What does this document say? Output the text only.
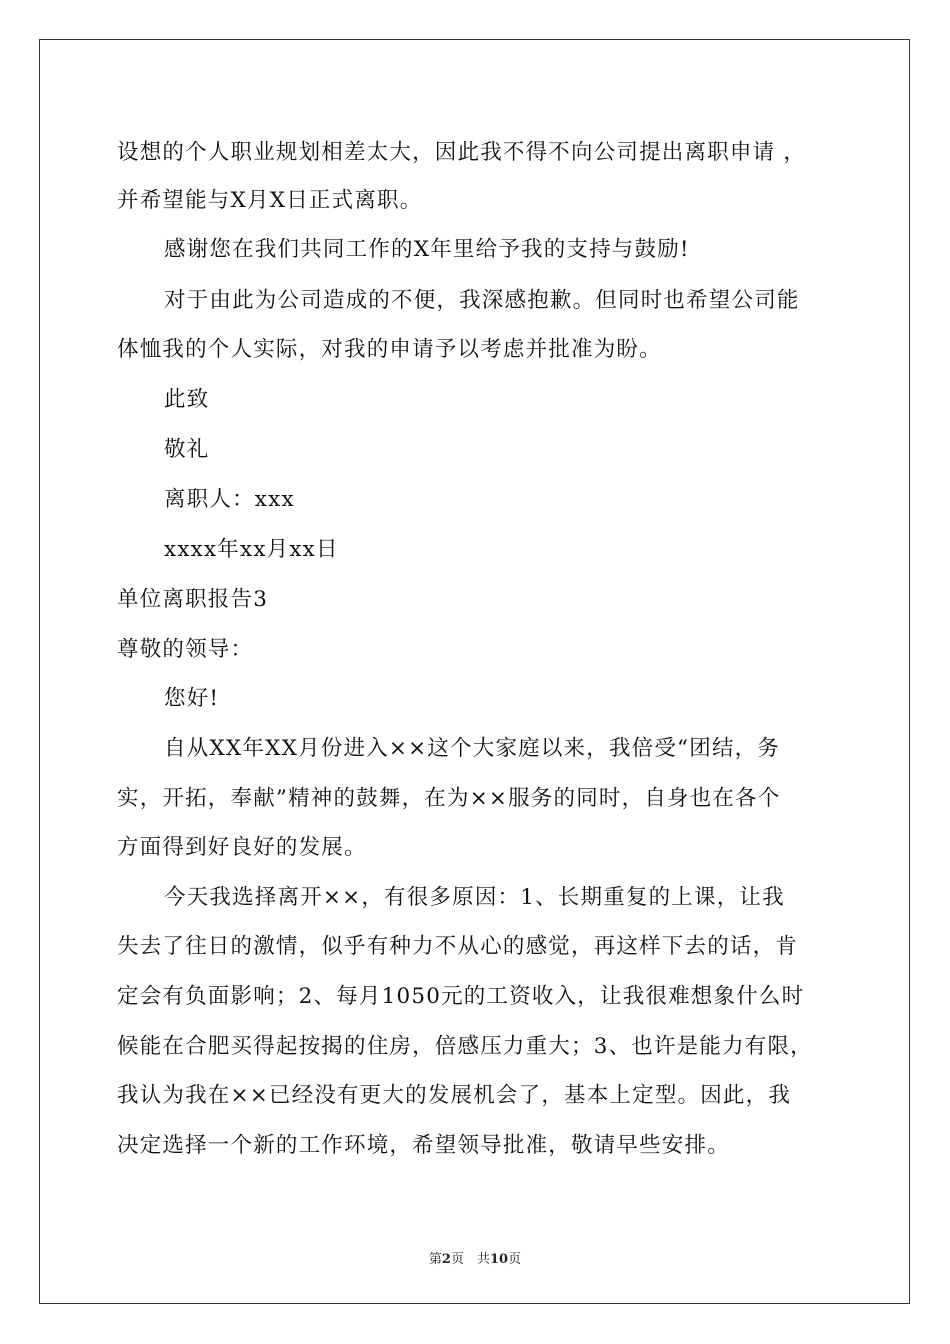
设想的个人职业规划相差太大，因此我不得不向公司提出离职申请 ，
并希望能与X月X日正式离职。
感谢您在我们共同工作的X年里给予我的支持与鼓励!
对于由此为公司造成的不便，我深感抱歉。但同时也希望公司能
体恤我的个人实际，对我的申请予以考虑并批准为盼。
此致
敬礼
离职人：xxx
xxxx年xx月xx日
单位离职报告3
尊敬的领导：
您好!
自从XX年XX月份进入××这个大家庭以来，我倍受“团结，务
实，开拓，奉献”精神的鼓舞，在为××服务的同时，自身也在各个
方面得到好良好的发展。
今天我选择离开××，有很多原因：1、长期重复的上课，让我
失去了往日的激情，似乎有种力不从心的感觉，再这样下去的话，肯
定会有负面影响；2、每月1050元的工资收入，让我很难想象什么时
候能在合肥买得起按揭的住房，倍感压力重大；3、也许是能力有限，
我认为我在××已经没有更大的发展机会了，基本上定型。因此，我
决定选择一个新的工作环境，希望领导批准，敬请早些安排。
第2页　共10页
